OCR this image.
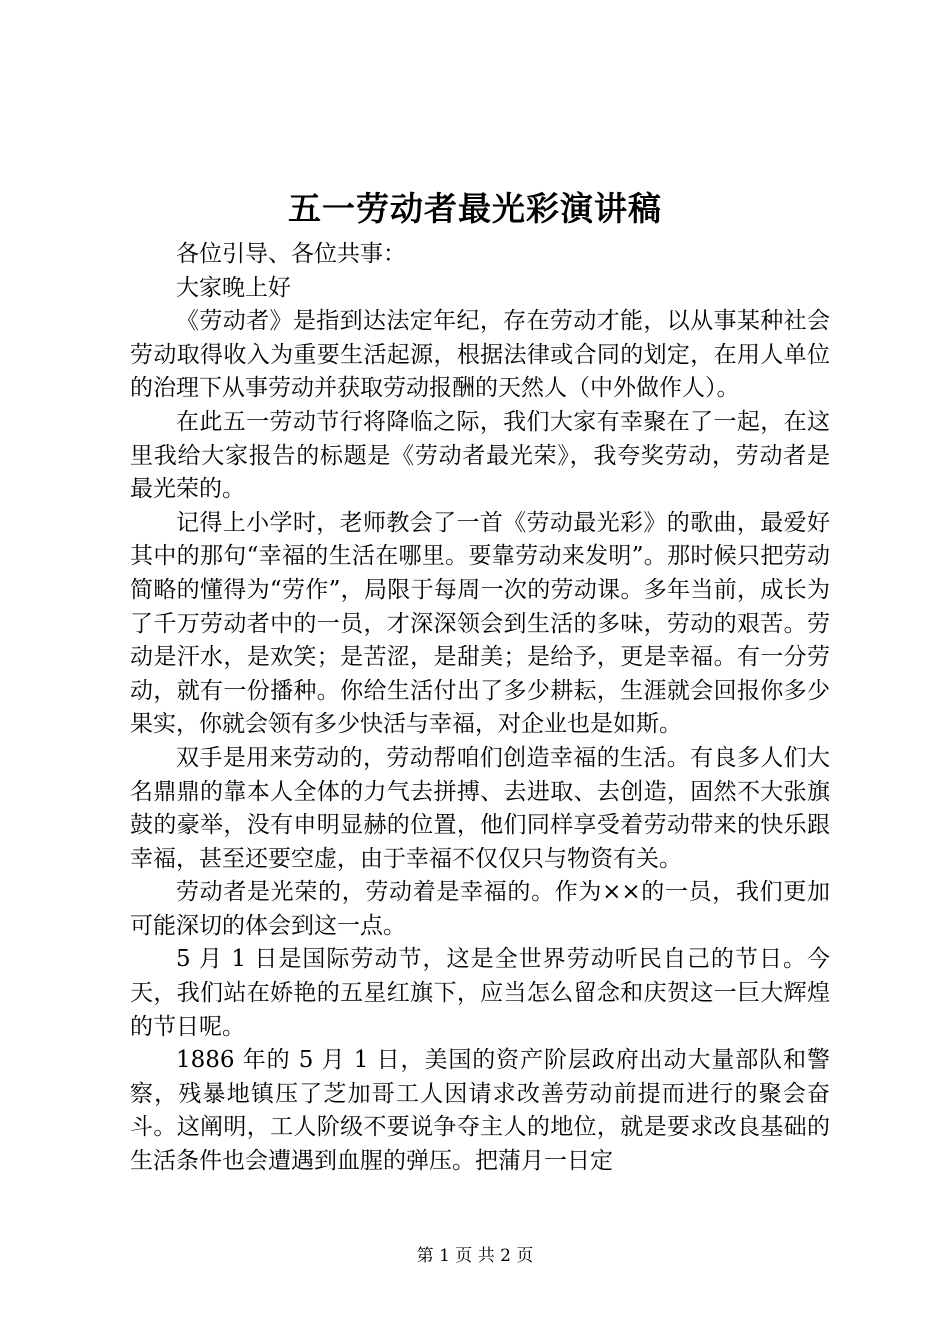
五一劳动者最光彩演讲稿

各位引导、各位共事：

大家晚上好

《劳动者》是指到达法定年纪，存在劳动才能，以从事某种社会劳动取得收入为重要生活起源，根据法律或合同的划定，在用人单位的治理下从事劳动并获取劳动报酬的天然人（中外做作人）。

在此五一劳动节行将降临之际，我们大家有幸聚在了一起，在这里我给大家报告的标题是《劳动者最光荣》，我夸奖劳动，劳动者是最光荣的。

记得上小学时，老师教会了一首《劳动最光彩》的歌曲，最爱好其中的那句“幸福的生活在哪里。要靠劳动来发明”。那时候只把劳动简略的懂得为“劳作”，局限于每周一次的劳动课。多年当前，成长为了千万劳动者中的一员，才深深领会到生活的多味，劳动的艰苦。劳动是汗水，是欢笑；是苦涩，是甜美；是给予，更是幸福。有一分劳动，就有一份播种。你给生活付出了多少耕耘，生涯就会回报你多少果实，你就会领有多少快活与幸福，对企业也是如斯。

双手是用来劳动的，劳动帮咱们创造幸福的生活。有良多人们大名鼎鼎的靠本人全体的力气去拼搏、去进取、去创造，固然不大张旗鼓的豪举，没有申明显赫的位置，他们同样享受着劳动带来的快乐跟幸福，甚至还要空虚，由于幸福不仅仅只与物资有关。

劳动者是光荣的，劳动着是幸福的。作为××的一员，我们更加可能深切的体会到这一点。

5 月 1 日是国际劳动节，这是全世界劳动听民自己的节日。今天，我们站在娇艳的五星红旗下，应当怎么留念和庆贺这一巨大辉煌的节日呢。

1886 年的 5 月 1 日，美国的资产阶层政府出动大量部队和警察，残暴地镇压了芝加哥工人因请求改善劳动前提而进行的聚会奋斗。这阐明，工人阶级不要说争夺主人的地位，就是要求改良基础的生活条件也会遭遇到血腥的弹压。把蒲月一日定

第 1 页 共 2 页
